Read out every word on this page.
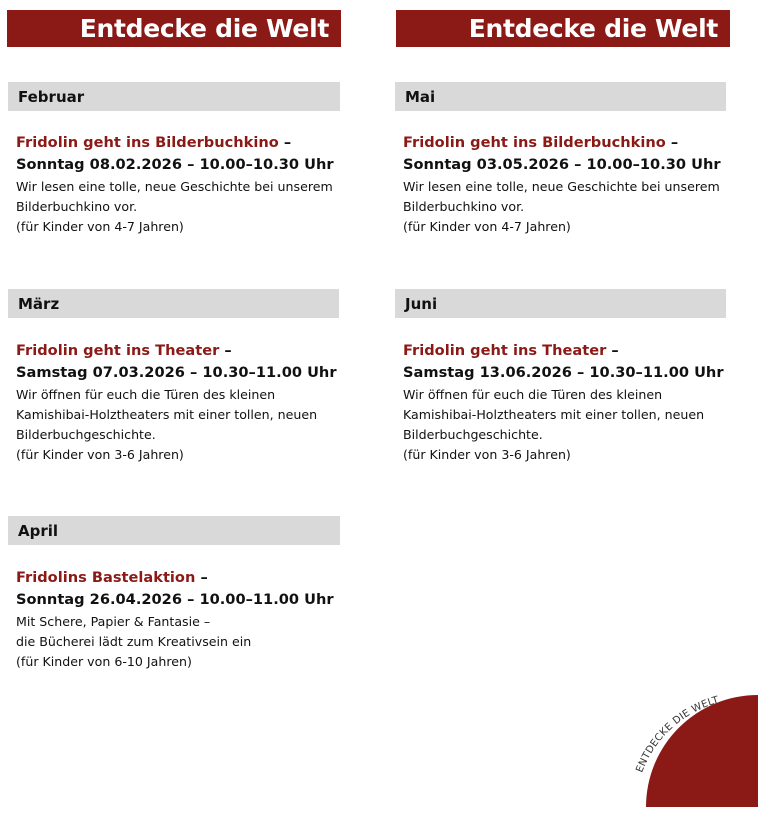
Entdecke die Welt	Entdecke die Welt
Februar
Fridolin geht ins Bilderbuchkino –
Sonntag 08.02.2026 – 10.00–10.30 Uhr
Wir lesen eine tolle, neue Geschichte bei unserem
Bilderbuchkino vor.
(für Kinder von 4-7 Jahren)
März
Fridolin geht ins Theater –
Samstag 07.03.2026 – 10.30–11.00 Uhr
Wir öffnen für euch die Türen des kleinen
Kamishibai-Holztheaters mit einer tollen, neuen
Bilderbuchgeschichte.
(für Kinder von 3-6 Jahren)
April
Fridolins Bastelaktion –
Sonntag 26.04.2026 – 10.00–11.00 Uhr
Mit Schere, Papier & Fantasie –
die Bücherei lädt zum Kreativsein ein
(für Kinder von 6-10 Jahren)
Mai
Fridolin geht ins Bilderbuchkino –
Sonntag 03.05.2026 – 10.00–10.30 Uhr
Wir lesen eine tolle, neue Geschichte bei unserem
Bilderbuchkino vor.
(für Kinder von 4-7 Jahren)
Juni
Fridolin geht ins Theater –
Samstag 13.06.2026 – 10.30–11.00 Uhr
Wir öffnen für euch die Türen des kleinen
Kamishibai-Holztheaters mit einer tollen, neuen
Bilderbuchgeschichte.
(für Kinder von 3-6 Jahren)
ENTDECKE DIE WELT
